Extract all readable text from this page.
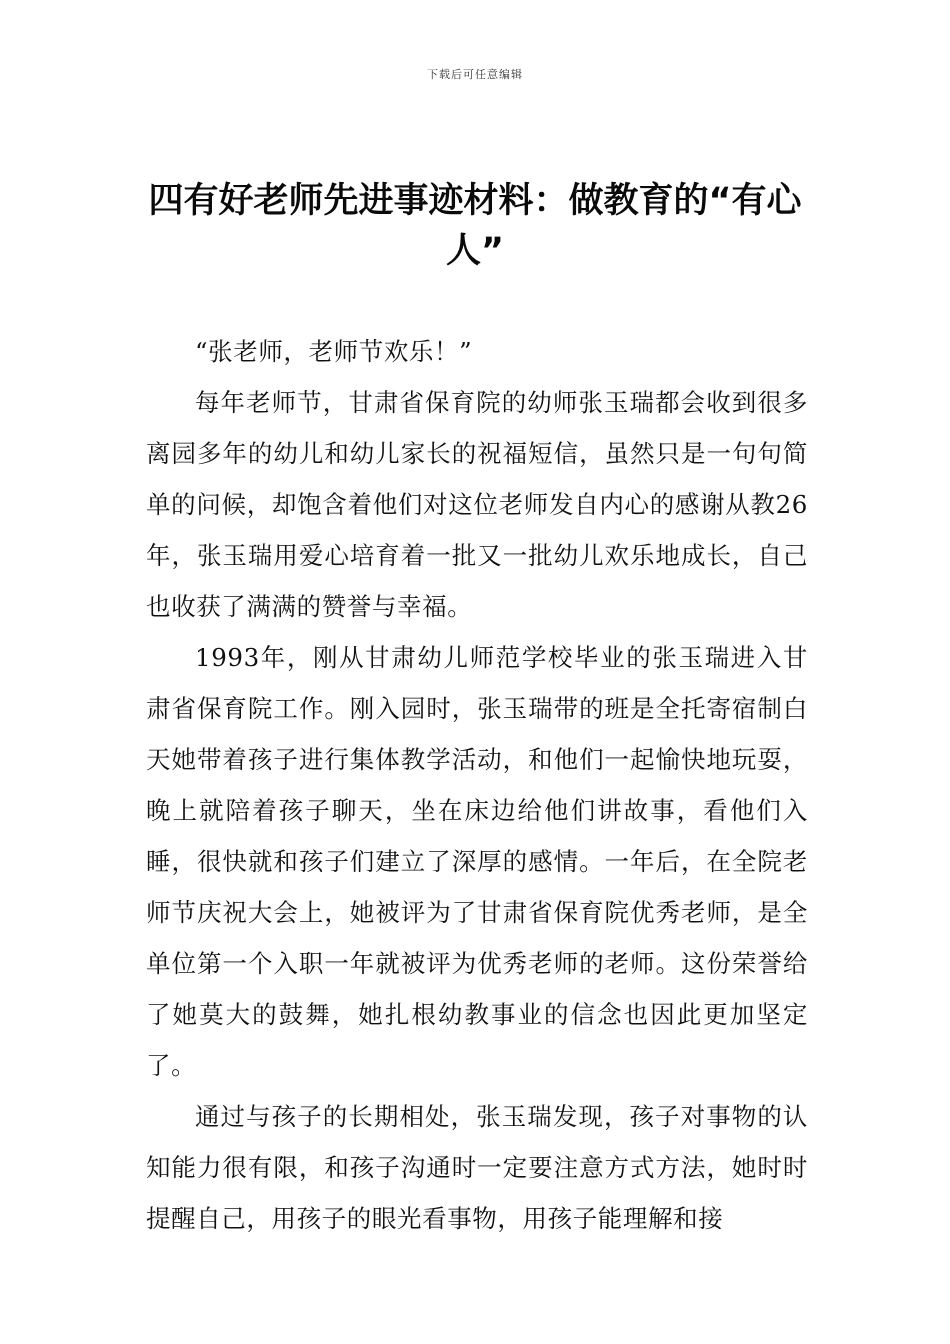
下载后可任意编辑
四有好老师先进事迹材料：做教育的“有心人”

“张老师，老师节欢乐！”

每年老师节，甘肃省保育院的幼师张玉瑞都会收到很多离园多年的幼儿和幼儿家长的祝福短信，虽然只是一句句简单的问候，却饱含着他们对这位老师发自内心的感谢从教26年，张玉瑞用爱心培育着一批又一批幼儿欢乐地成长，自己也收获了满满的赞誉与幸福。

1993年，刚从甘肃幼儿师范学校毕业的张玉瑞进入甘肃省保育院工作。刚入园时，张玉瑞带的班是全托寄宿制白天她带着孩子进行集体教学活动，和他们一起愉快地玩耍，晚上就陪着孩子聊天，坐在床边给他们讲故事，看他们入睡，很快就和孩子们建立了深厚的感情。一年后，在全院老师节庆祝大会上，她被评为了甘肃省保育院优秀老师，是全单位第一个入职一年就被评为优秀老师的老师。这份荣誉给了她莫大的鼓舞，她扎根幼教事业的信念也因此更加坚定了。

通过与孩子的长期相处，张玉瑞发现，孩子对事物的认知能力很有限，和孩子沟通时一定要注意方式方法，她时时提醒自己，用孩子的眼光看事物，用孩子能理解和接
